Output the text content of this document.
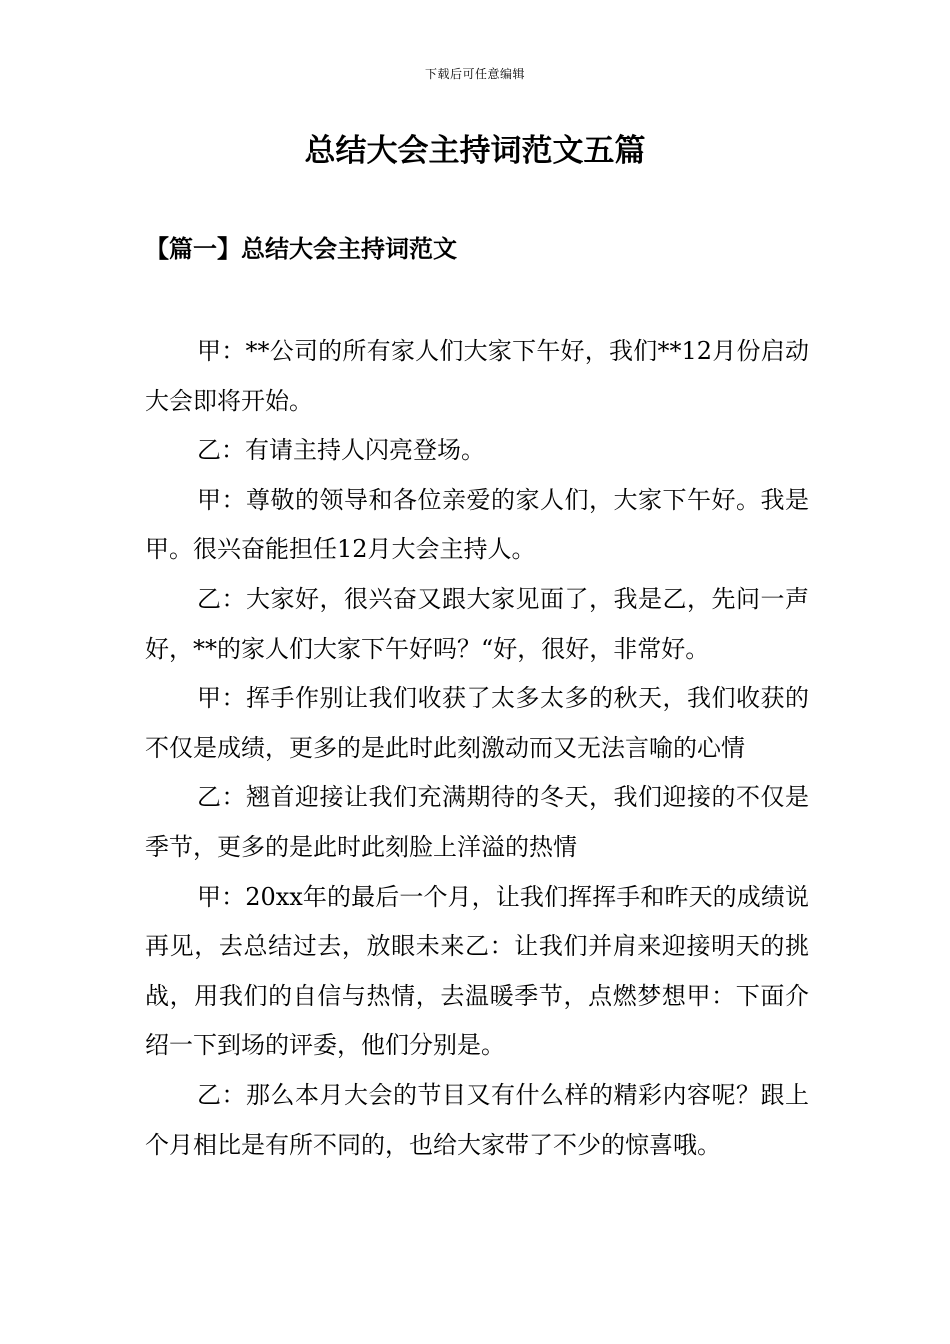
下载后可任意编辑
总结大会主持词范文五篇
【篇一】总结大会主持词范文

甲：**公司的所有家人们大家下午好，我们**12月份启动大会即将开始。

乙：有请主持人闪亮登场。

甲：尊敬的领导和各位亲爱的家人们，大家下午好。我是甲。很兴奋能担任12月大会主持人。

乙：大家好，很兴奋又跟大家见面了，我是乙，先问一声好，**的家人们大家下午好吗？“好，很好，非常好。

甲：挥手作别让我们收获了太多太多的秋天，我们收获的不仅是成绩，更多的是此时此刻激动而又无法言喻的心情

乙：翘首迎接让我们充满期待的冬天，我们迎接的不仅是季节，更多的是此时此刻脸上洋溢的热情

甲：20xx年的最后一个月，让我们挥挥手和昨天的成绩说再见，去总结过去，放眼未来乙：让我们并肩来迎接明天的挑战，用我们的自信与热情，去温暖季节，点燃梦想甲：下面介绍一下到场的评委，他们分别是。

乙：那么本月大会的节目又有什么样的精彩内容呢？跟上个月相比是有所不同的，也给大家带了不少的惊喜哦。
